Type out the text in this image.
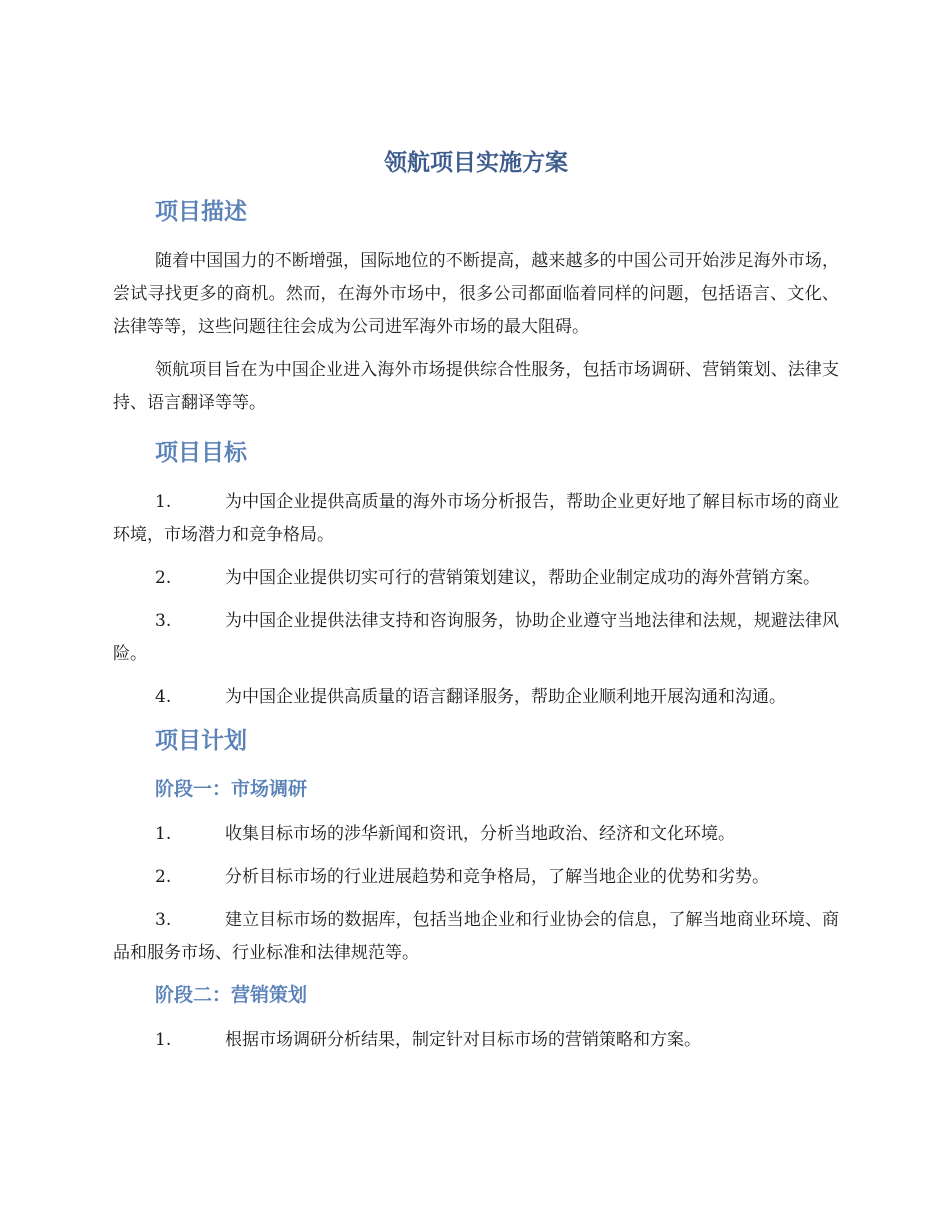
领航项目实施方案
项目描述

随着中国国力的不断增强，国际地位的不断提高，越来越多的中国公司开始涉足海外市场，尝试寻找更多的商机。然而，在海外市场中，很多公司都面临着同样的问题，包括语言、文化、法律等等，这些问题往往会成为公司进军海外市场的最大阻碍。

领航项目旨在为中国企业进入海外市场提供综合性服务，包括市场调研、营销策划、法律支持、语言翻译等等。

项目目标
1.	为中国企业提供高质量的海外市场分析报告，帮助企业更好地了解目标市场的商业环境，市场潜力和竞争格局。
2.	为中国企业提供切实可行的营销策划建议，帮助企业制定成功的海外营销方案。
3.	为中国企业提供法律支持和咨询服务，协助企业遵守当地法律和法规，规避法律风险。
4.	为中国企业提供高质量的语言翻译服务，帮助企业顺利地开展沟通和沟通。
项目计划
阶段一：市场调研
1.	收集目标市场的涉华新闻和资讯，分析当地政治、经济和文化环境。
2.	分析目标市场的行业进展趋势和竞争格局，了解当地企业的优势和劣势。
3.	建立目标市场的数据库，包括当地企业和行业协会的信息，了解当地商业环境、商品和服务市场、行业标准和法律规范等。
阶段二：营销策划
1.	根据市场调研分析结果，制定针对目标市场的营销策略和方案。
